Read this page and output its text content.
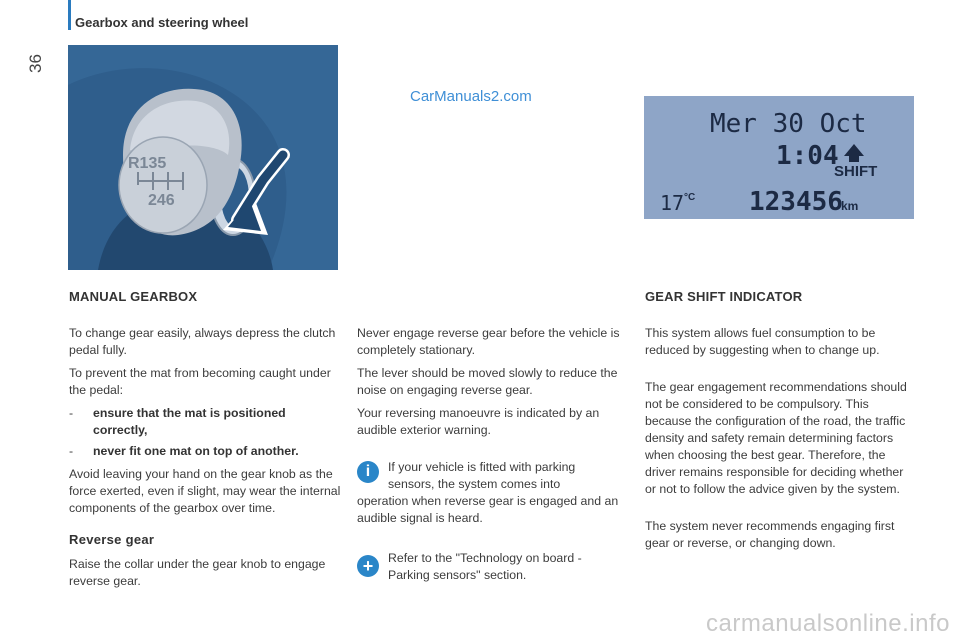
Gearbox and steering wheel
36
R135
246
CarManuals2.com
Mer 30 Oct
1:04
SHIFT
17 °C 123456
km
MANUAL GEARBOX
To change gear easily, always depress the clutch pedal fully.
To prevent the mat from becoming caught under the pedal:
-	ensure that the mat is positioned correctly,
-	never fit one mat on top of another.
Avoid leaving your hand on the gear knob as the force exerted, even if slight, may wear the internal components of the gearbox over time.
Reverse gear
Raise the collar under the gear knob to engage reverse gear.
Never engage reverse gear before the vehicle is completely stationary.
The lever should be moved slowly to reduce the noise on engaging reverse gear.
Your reversing manoeuvre is indicated by an audible exterior warning.
i	If your vehicle is fitted with parking sensors, the system comes into
operation when reverse gear is engaged and an audible signal is heard.
+	Refer to the "Technology on board - Parking sensors" section.
GEAR SHIFT INDICATOR
This system allows fuel consumption to be reduced by suggesting when to change up.
The gear engagement recommendations should not be considered to be compulsory. This because the configuration of the road, the traffic density and safety remain determining factors when choosing the best gear. Therefore, the driver remains responsible for deciding whether or not to follow the advice given by the system.
The system never recommends engaging first gear or reverse, or changing down.
carmanualsonline.info
